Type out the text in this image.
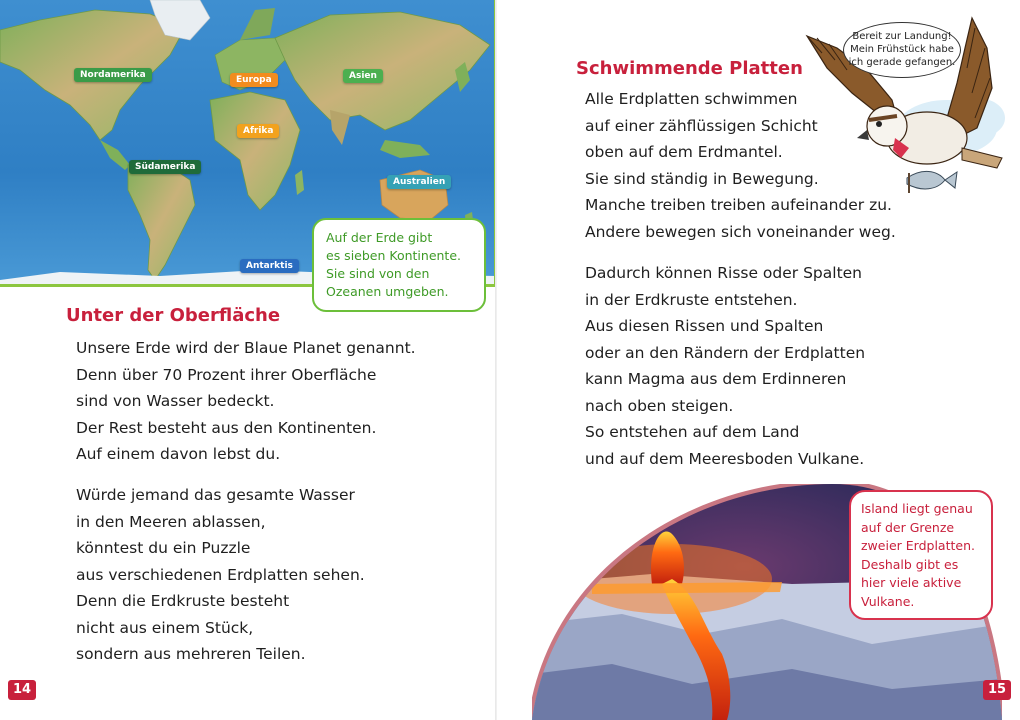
Nordamerika	Europa	Asien
Afrika
Südamerika
Australien
Antarktis
Auf der Erde gibt
es sieben Kontinente.
Sie sind von den
Ozeanen umgeben.
Unter der Oberfläche
Unsere Erde wird der Blaue Planet genannt.
Denn über 70 Prozent ihrer Oberfläche
sind von Wasser bedeckt.
Der Rest besteht aus den Kontinenten.
Auf einem davon lebst du.
Würde jemand das gesamte Wasser
in den Meeren ablassen,
könntest du ein Puzzle
aus verschiedenen Erdplatten sehen.
Denn die Erdkruste besteht
nicht aus einem Stück,
sondern aus mehreren Teilen.
14
Bereit zur Landung!
Mein Frühstück habe
ich gerade gefangen.
Schwimmende Platten
Alle Erdplatten schwimmen
auf einer zähflüssigen Schicht
oben auf dem Erdmantel.
Sie sind ständig in Bewegung.
Manche treiben treiben aufeinander zu.
Andere bewegen sich voneinander weg.
Dadurch können Risse oder Spalten
in der Erdkruste entstehen.
Aus diesen Rissen und Spalten
oder an den Rändern der Erdplatten
kann Magma aus dem Erdinneren
nach oben steigen.
So entstehen auf dem Land
und auf dem Meeresboden Vulkane.
Island liegt genau
auf der Grenze
zweier Erdplatten.
Deshalb gibt es
hier viele aktive
Vulkane.
15
